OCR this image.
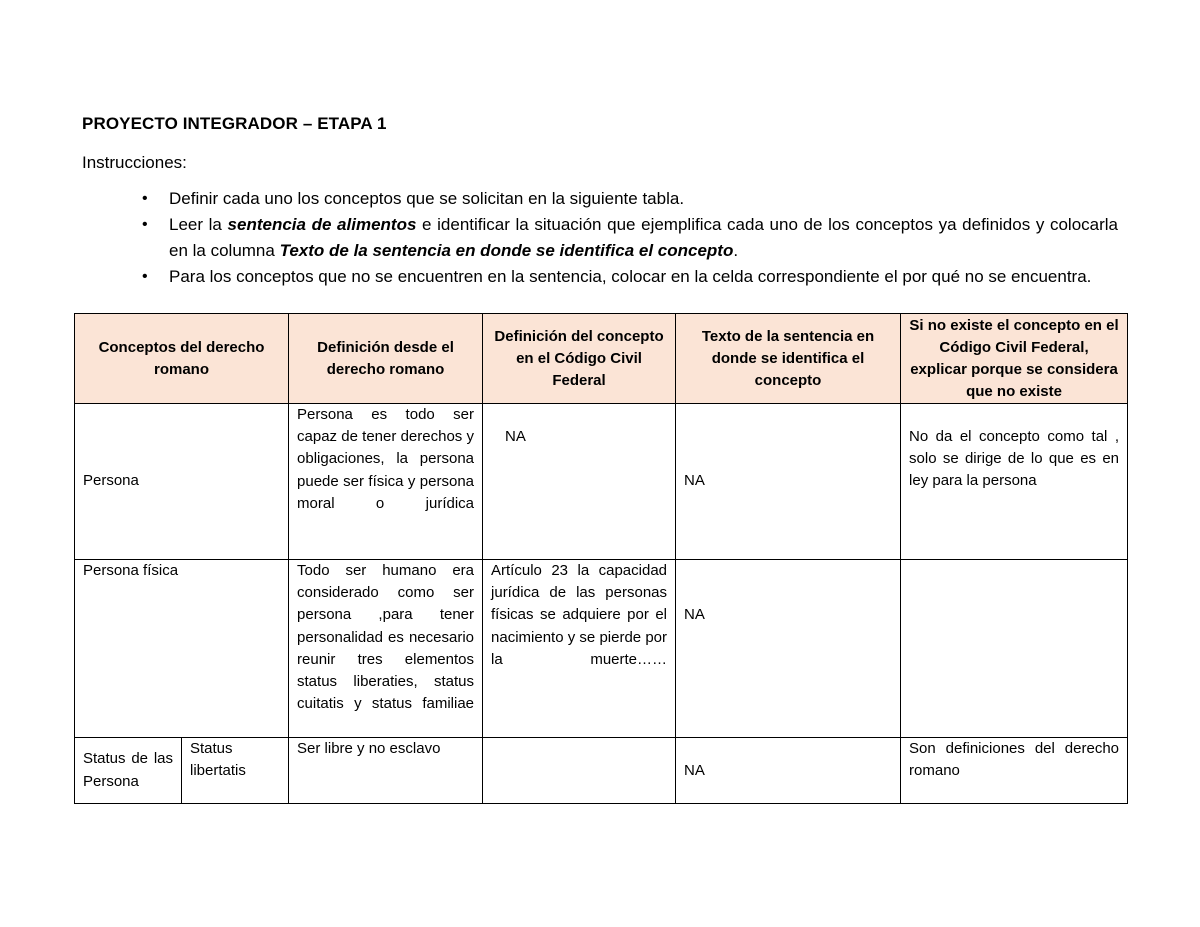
PROYECTO INTEGRADOR – ETAPA 1
Instrucciones:
• Definir cada uno los conceptos que se solicitan en la siguiente tabla.
• Leer la sentencia de alimentos e identificar la situación que ejemplifica cada uno de los conceptos ya definidos y colocarla en la columna Texto de la sentencia en donde se identifica el concepto.
• Para los conceptos que no se encuentren en la sentencia, colocar en la celda correspondiente el por qué no se encuentra.
Conceptos del derecho romano		Definición desde el derecho romano	Definición del concepto en el Código Civil Federal	Texto de la sentencia en donde se identifica el concepto	Si no existe el concepto en el Código Civil Federal, explicar porque se considera que no existe
Persona		Persona es todo ser capaz de tener derechos y obligaciones, la persona puede ser física y persona moral o jurídica	NA	NA	No da el concepto como tal , solo se dirige de lo que es en ley para la persona
Persona física		Todo ser humano era considerado como ser persona ,para tener personalidad es necesario reunir tres elementos status liberaties, status cuitatis y status familiae	Artículo 23 la capacidad jurídica de las personas físicas se adquiere por el nacimiento y se pierde por la muerte……	NA	
Status de las Persona	Status libertatis	Ser libre y no esclavo		NA	Son definiciones del derecho romano
